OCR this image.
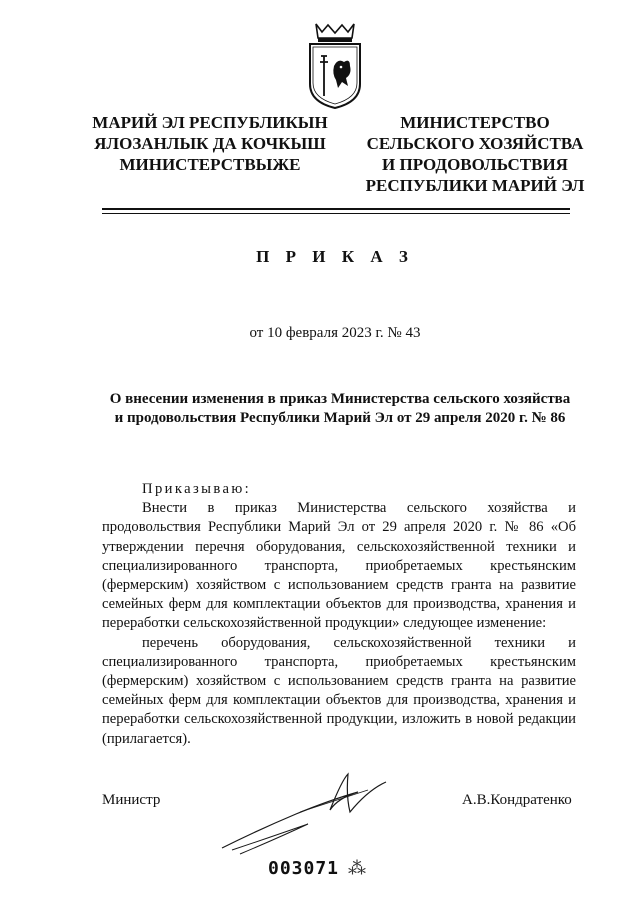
МАРИЙ ЭЛ РЕСПУБЛИКЫН
ЯЛОЗАНЛЫК ДА КОЧКЫШ
МИНИСТЕРСТВЫЖЕ
МИНИСТЕРСТВО
СЕЛЬСКОГО ХОЗЯЙСТВА
И ПРОДОВОЛЬСТВИЯ
РЕСПУБЛИКИ МАРИЙ ЭЛ
П Р И К А З
от 10 февраля 2023 г. № 43
О внесении изменения в приказ Министерства сельского хозяйства
и продовольствия Республики Марий Эл от 29 апреля 2020 г. № 86

Приказываю:

Внести в приказ Министерства сельского хозяйства и продовольствия Республики Марий Эл от 29 апреля 2020 г. № 86 «Об утверждении перечня оборудования, сельскохозяйственной техники и специализированного транспорта, приобретаемых крестьянским (фермерским) хозяйством с использованием средств гранта на развитие семейных ферм для комплектации объектов для производства, хранения и переработки сельскохозяйственной продукции» следующее изменение:

перечень оборудования, сельскохозяйственной техники и специализированного транспорта, приобретаемых крестьянским (фермерским) хозяйством с использованием средств гранта на развитие семейных ферм для комплектации объектов для производства, хранения и переработки сельскохозяйственной продукции, изложить в новой редакции (прилагается).

Министр	А.В.Кондратенко
003071 ⁂
